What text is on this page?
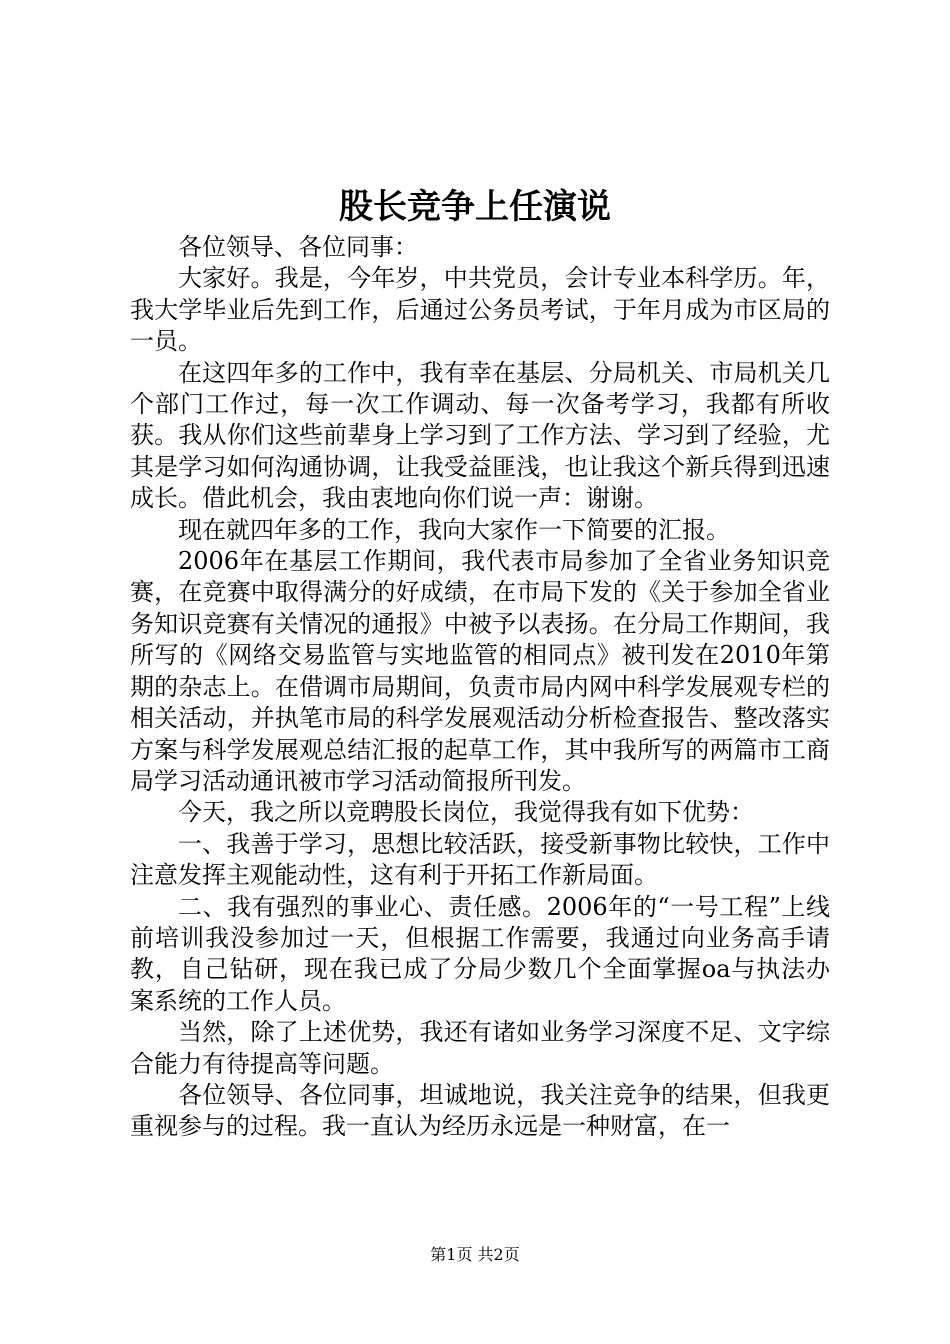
股长竞争上任演说

各位领导、各位同事：

大家好。我是，今年岁，中共党员，会计专业本科学历。年，我大学毕业后先到工作，后通过公务员考试，于年月成为市区局的一员。

在这四年多的工作中，我有幸在基层、分局机关、市局机关几个部门工作过，每一次工作调动、每一次备考学习，我都有所收获。我从你们这些前辈身上学习到了工作方法、学习到了经验，尤其是学习如何沟通协调，让我受益匪浅，也让我这个新兵得到迅速成长。借此机会，我由衷地向你们说一声：谢谢。

现在就四年多的工作，我向大家作一下简要的汇报。

2006年在基层工作期间，我代表市局参加了全省业务知识竞赛，在竞赛中取得满分的好成绩，在市局下发的《关于参加全省业务知识竞赛有关情况的通报》中被予以表扬。在分局工作期间，我所写的《网络交易监管与实地监管的相同点》被刊发在2010年第期的杂志上。在借调市局期间，负责市局内网中科学发展观专栏的相关活动，并执笔市局的科学发展观活动分析检查报告、整改落实方案与科学发展观总结汇报的起草工作，其中我所写的两篇市工商局学习活动通讯被市学习活动简报所刊发。

今天，我之所以竞聘股长岗位，我觉得我有如下优势：

一、我善于学习，思想比较活跃，接受新事物比较快，工作中注意发挥主观能动性，这有利于开拓工作新局面。

二、我有强烈的事业心、责任感。2006年的“一号工程”上线前培训我没参加过一天，但根据工作需要，我通过向业务高手请教，自己钻研，现在我已成了分局少数几个全面掌握oa与执法办案系统的工作人员。

当然，除了上述优势，我还有诸如业务学习深度不足、文字综合能力有待提高等问题。

各位领导、各位同事，坦诚地说，我关注竞争的结果，但我更重视参与的过程。我一直认为经历永远是一种财富，在一

第1页 共2页
